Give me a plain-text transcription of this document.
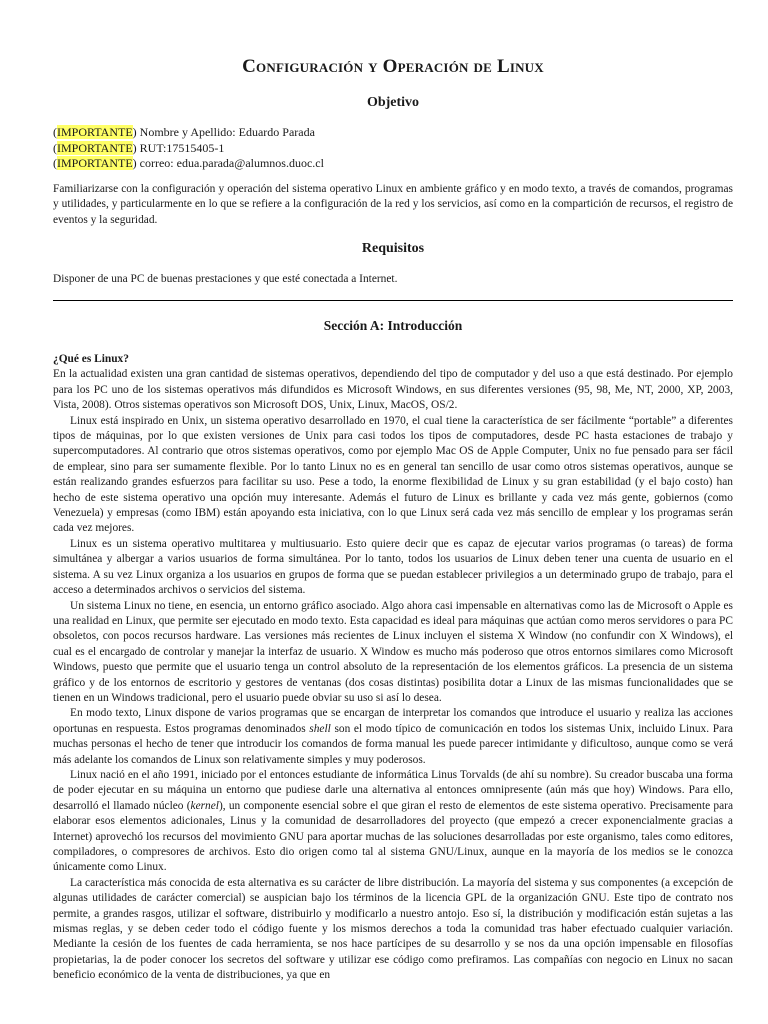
Configuración y Operación de Linux
Objetivo
(IMPORTANTE) Nombre y Apellido: Eduardo Parada
(IMPORTANTE) RUT:17515405-1
(IMPORTANTE) correo: edua.parada@alumnos.duoc.cl

Familiarizarse con la configuración y operación del sistema operativo Linux en ambiente gráfico y en modo texto, a través de comandos, programas y utilidades, y particularmente en lo que se refiere a la configuración de la red y los servicios, así como en la compartición de recursos, el registro de eventos y la seguridad.

Requisitos

Disponer de una PC de buenas prestaciones y que esté conectada a Internet.

Sección A: Introducción

¿Qué es Linux?

En la actualidad existen una gran cantidad de sistemas operativos, dependiendo del tipo de computador y del uso a que está destinado. Por ejemplo para los PC uno de los sistemas operativos más difundidos es Microsoft Windows, en sus diferentes versiones (95, 98, Me, NT, 2000, XP, 2003, Vista, 2008). Otros sistemas operativos son Microsoft DOS, Unix, Linux, MacOS, OS/2.

Linux está inspirado en Unix, un sistema operativo desarrollado en 1970, el cual tiene la característica de ser fácilmente “portable” a diferentes tipos de máquinas, por lo que existen versiones de Unix para casi todos los tipos de computadores, desde PC hasta estaciones de trabajo y supercomputadores. Al contrario que otros sistemas operativos, como por ejemplo Mac OS de Apple Computer, Unix no fue pensado para ser fácil de emplear, sino para ser sumamente flexible. Por lo tanto Linux no es en general tan sencillo de usar como otros sistemas operativos, aunque se están realizando grandes esfuerzos para facilitar su uso. Pese a todo, la enorme flexibilidad de Linux y su gran estabilidad (y el bajo costo) han hecho de este sistema operativo una opción muy interesante. Además el futuro de Linux es brillante y cada vez más gente, gobiernos (como Venezuela) y empresas (como IBM) están apoyando esta iniciativa, con lo que Linux será cada vez más sencillo de emplear y los programas serán cada vez mejores.

Linux es un sistema operativo multitarea y multiusuario. Esto quiere decir que es capaz de ejecutar varios programas (o tareas) de forma simultánea y albergar a varios usuarios de forma simultánea. Por lo tanto, todos los usuarios de Linux deben tener una cuenta de usuario en el sistema. A su vez Linux organiza a los usuarios en grupos de forma que se puedan establecer privilegios a un determinado grupo de trabajo, para el acceso a determinados archivos o servicios del sistema.

Un sistema Linux no tiene, en esencia, un entorno gráfico asociado. Algo ahora casi impensable en alternativas como las de Microsoft o Apple es una realidad en Linux, que permite ser ejecutado en modo texto. Esta capacidad es ideal para máquinas que actúan como meros servidores o para PC obsoletos, con pocos recursos hardware. Las versiones más recientes de Linux incluyen el sistema X Window (no confundir con X Windows), el cual es el encargado de controlar y manejar la interfaz de usuario. X Window es mucho más poderoso que otros entornos similares como Microsoft Windows, puesto que permite que el usuario tenga un control absoluto de la representación de los elementos gráficos. La presencia de un sistema gráfico y de los entornos de escritorio y gestores de ventanas (dos cosas distintas) posibilita dotar a Linux de las mismas funcionalidades que se tienen en un Windows tradicional, pero el usuario puede obviar su uso si así lo desea.

En modo texto, Linux dispone de varios programas que se encargan de interpretar los comandos que introduce el usuario y realiza las acciones oportunas en respuesta. Estos programas denominados shell son el modo típico de comunicación en todos los sistemas Unix, incluido Linux. Para muchas personas el hecho de tener que introducir los comandos de forma manual les puede parecer intimidante y dificultoso, aunque como se verá más adelante los comandos de Linux son relativamente simples y muy poderosos.

Linux nació en el año 1991, iniciado por el entonces estudiante de informática Linus Torvalds (de ahí su nombre). Su creador buscaba una forma de poder ejecutar en su máquina un entorno que pudiese darle una alternativa al entonces omnipresente (aún más que hoy) Windows. Para ello, desarrolló el llamado núcleo (kernel), un componente esencial sobre el que giran el resto de elementos de este sistema operativo. Precisamente para elaborar esos elementos adicionales, Linus y la comunidad de desarrolladores del proyecto (que empezó a crecer exponencialmente gracias a Internet) aprovechó los recursos del movimiento GNU para aportar muchas de las soluciones desarrolladas por este organismo, tales como editores, compiladores, o compresores de archivos. Esto dio origen como tal al sistema GNU/Linux, aunque en la mayoría de los medios se le conozca únicamente como Linux.

La característica más conocida de esta alternativa es su carácter de libre distribución. La mayoría del sistema y sus componentes (a excepción de algunas utilidades de carácter comercial) se auspician bajo los términos de la licencia GPL de la organización GNU. Este tipo de contrato nos permite, a grandes rasgos, utilizar el software, distribuirlo y modificarlo a nuestro antojo. Eso sí, la distribución y modificación están sujetas a las mismas reglas, y se deben ceder todo el código fuente y los mismos derechos a toda la comunidad tras haber efectuado cualquier variación. Mediante la cesión de los fuentes de cada herramienta, se nos hace partícipes de su desarrollo y se nos da una opción impensable en filosofías propietarias, la de poder conocer los secretos del software y utilizar ese código como prefiramos. Las compañías con negocio en Linux no sacan beneficio económico de la venta de distribuciones, ya que en
